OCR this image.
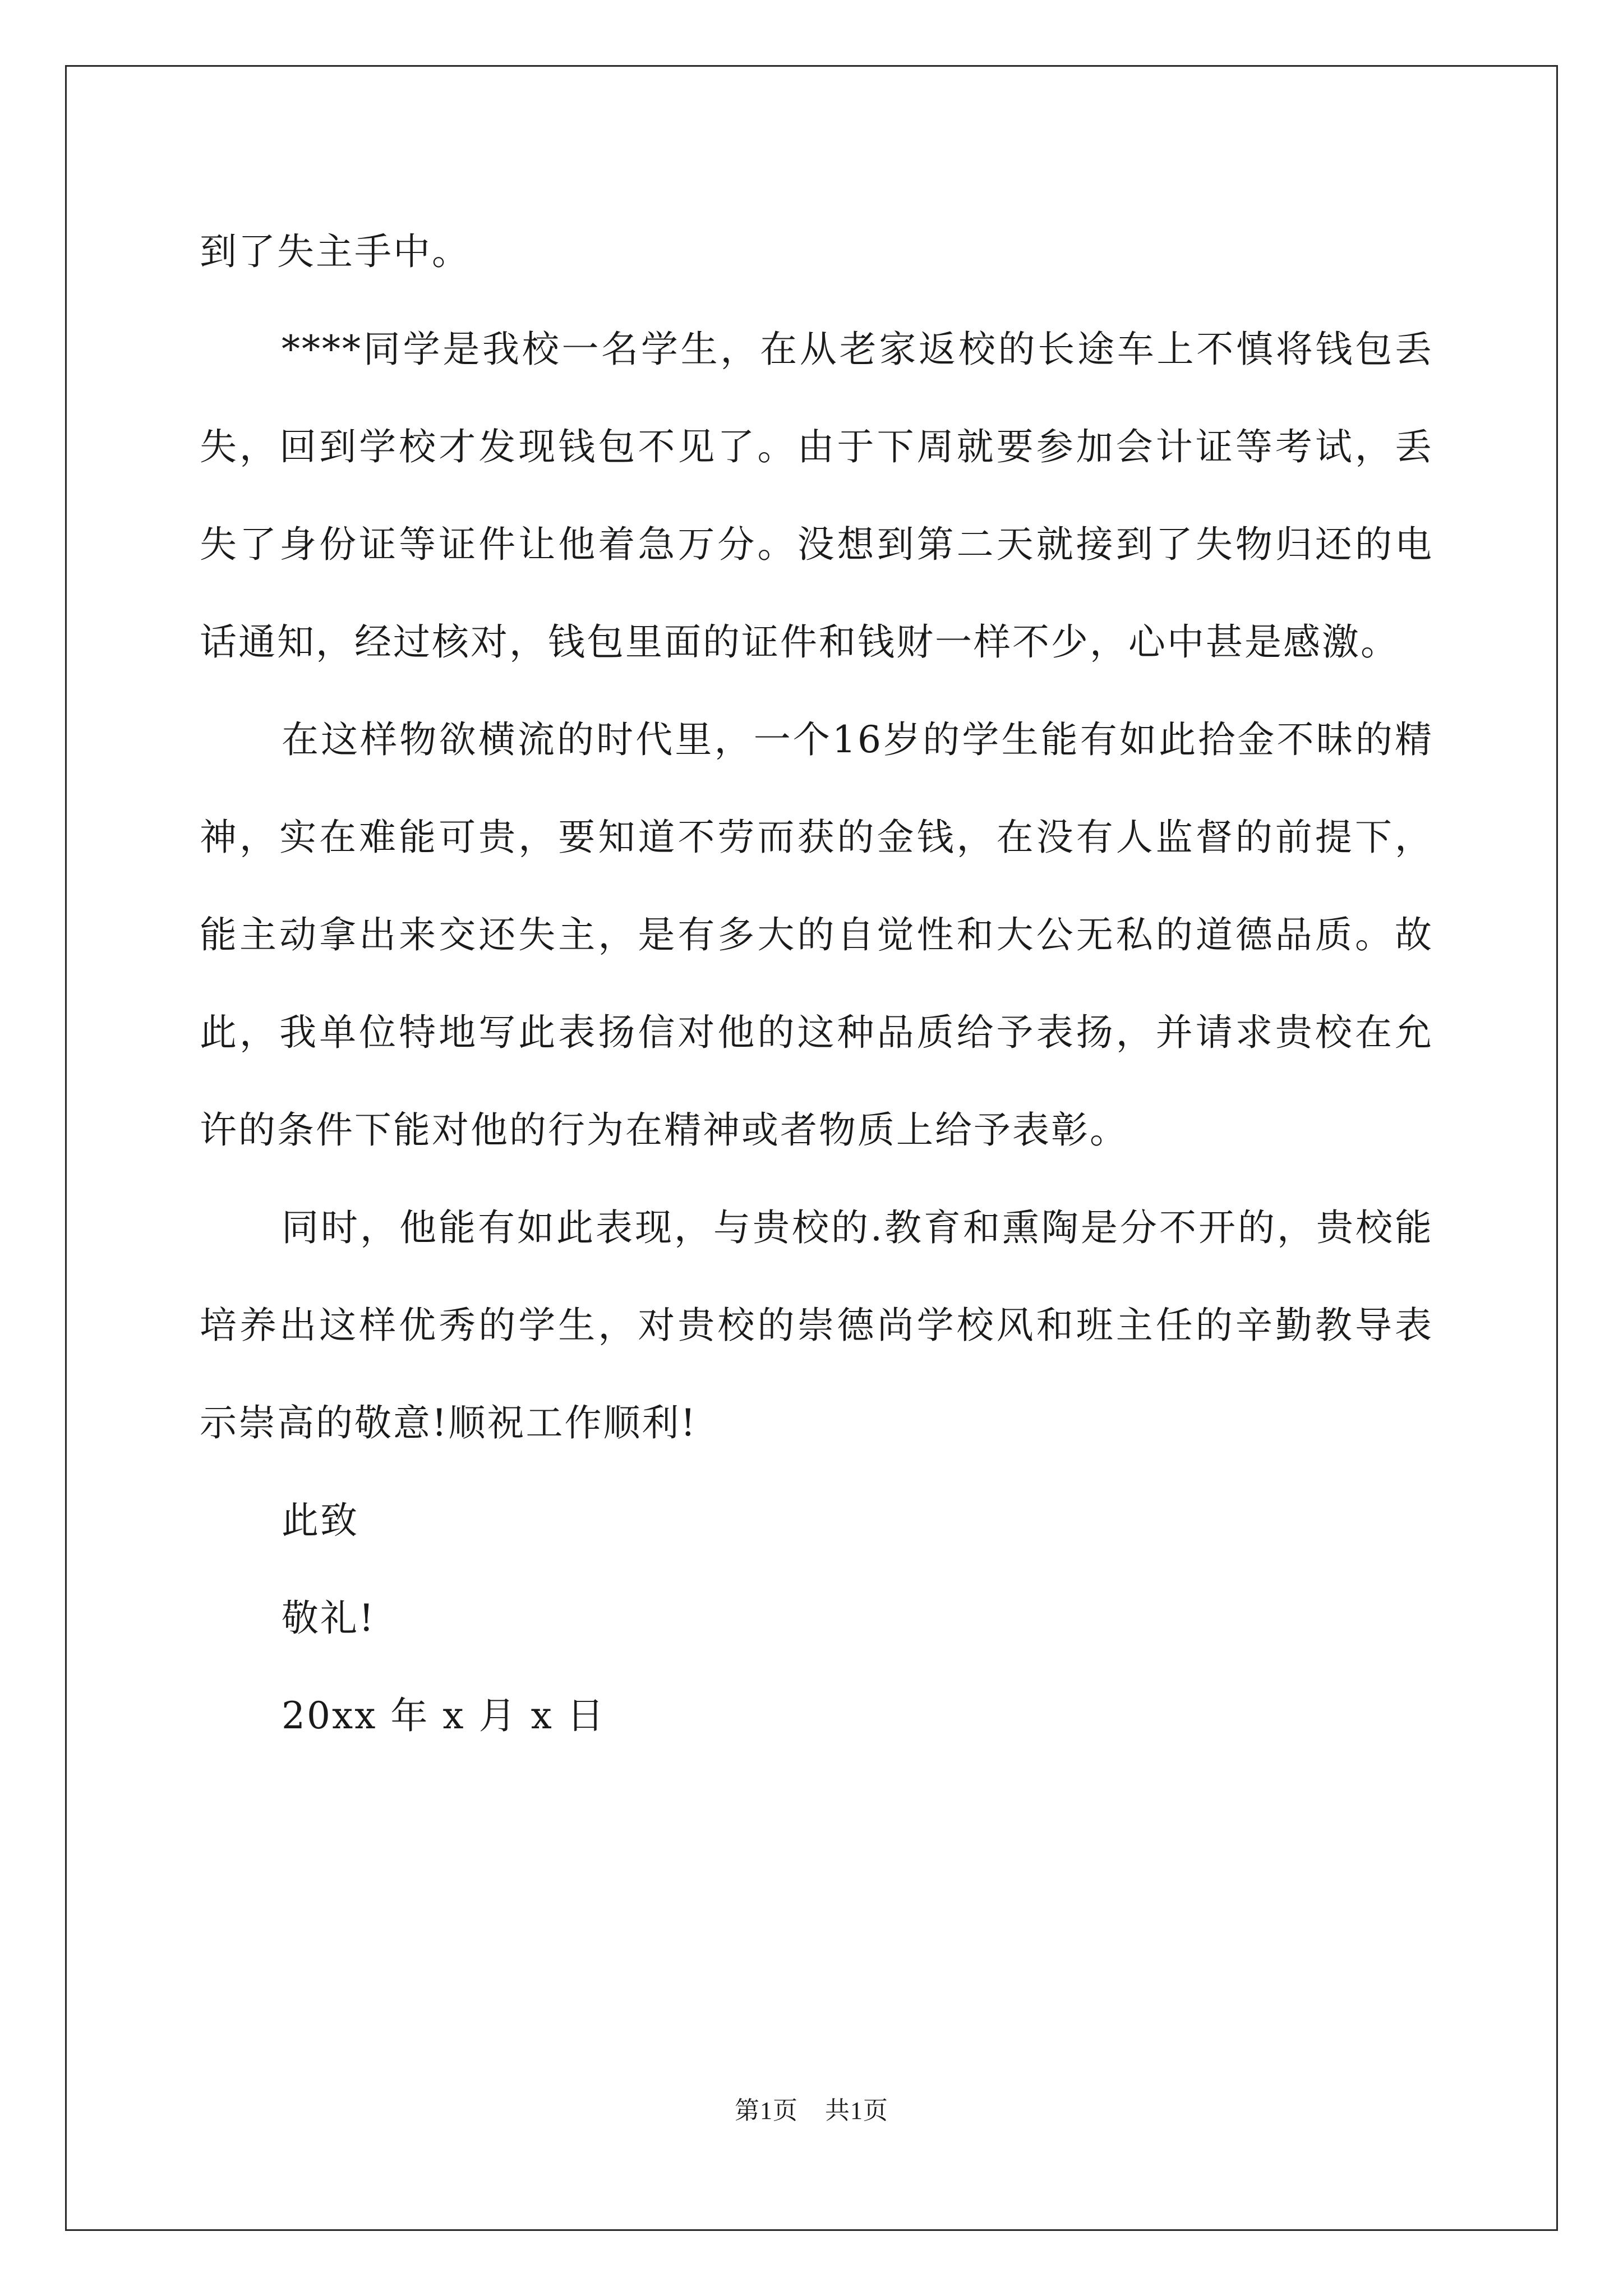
到了失主手中。

****同学是我校一名学生，在从老家返校的长途车上不慎将钱包丢失，回到学校才发现钱包不见了。由于下周就要参加会计证等考试，丢失了身份证等证件让他着急万分。没想到第二天就接到了失物归还的电话通知，经过核对，钱包里面的证件和钱财一样不少，心中甚是感激。

在这样物欲横流的时代里，一个16岁的学生能有如此拾金不昧的精神，实在难能可贵，要知道不劳而获的金钱，在没有人监督的前提下，能主动拿出来交还失主，是有多大的自觉性和大公无私的道德品质。故此，我单位特地写此表扬信对他的这种品质给予表扬，并请求贵校在允许的条件下能对他的行为在精神或者物质上给予表彰。

同时，他能有如此表现，与贵校的.教育和熏陶是分不开的，贵校能培养出这样优秀的学生，对贵校的崇德尚学校风和班主任的辛勤教导表示崇高的敬意!顺祝工作顺利!

此致

敬礼!

20xx 年 x 月 x 日

第1页 共1页
